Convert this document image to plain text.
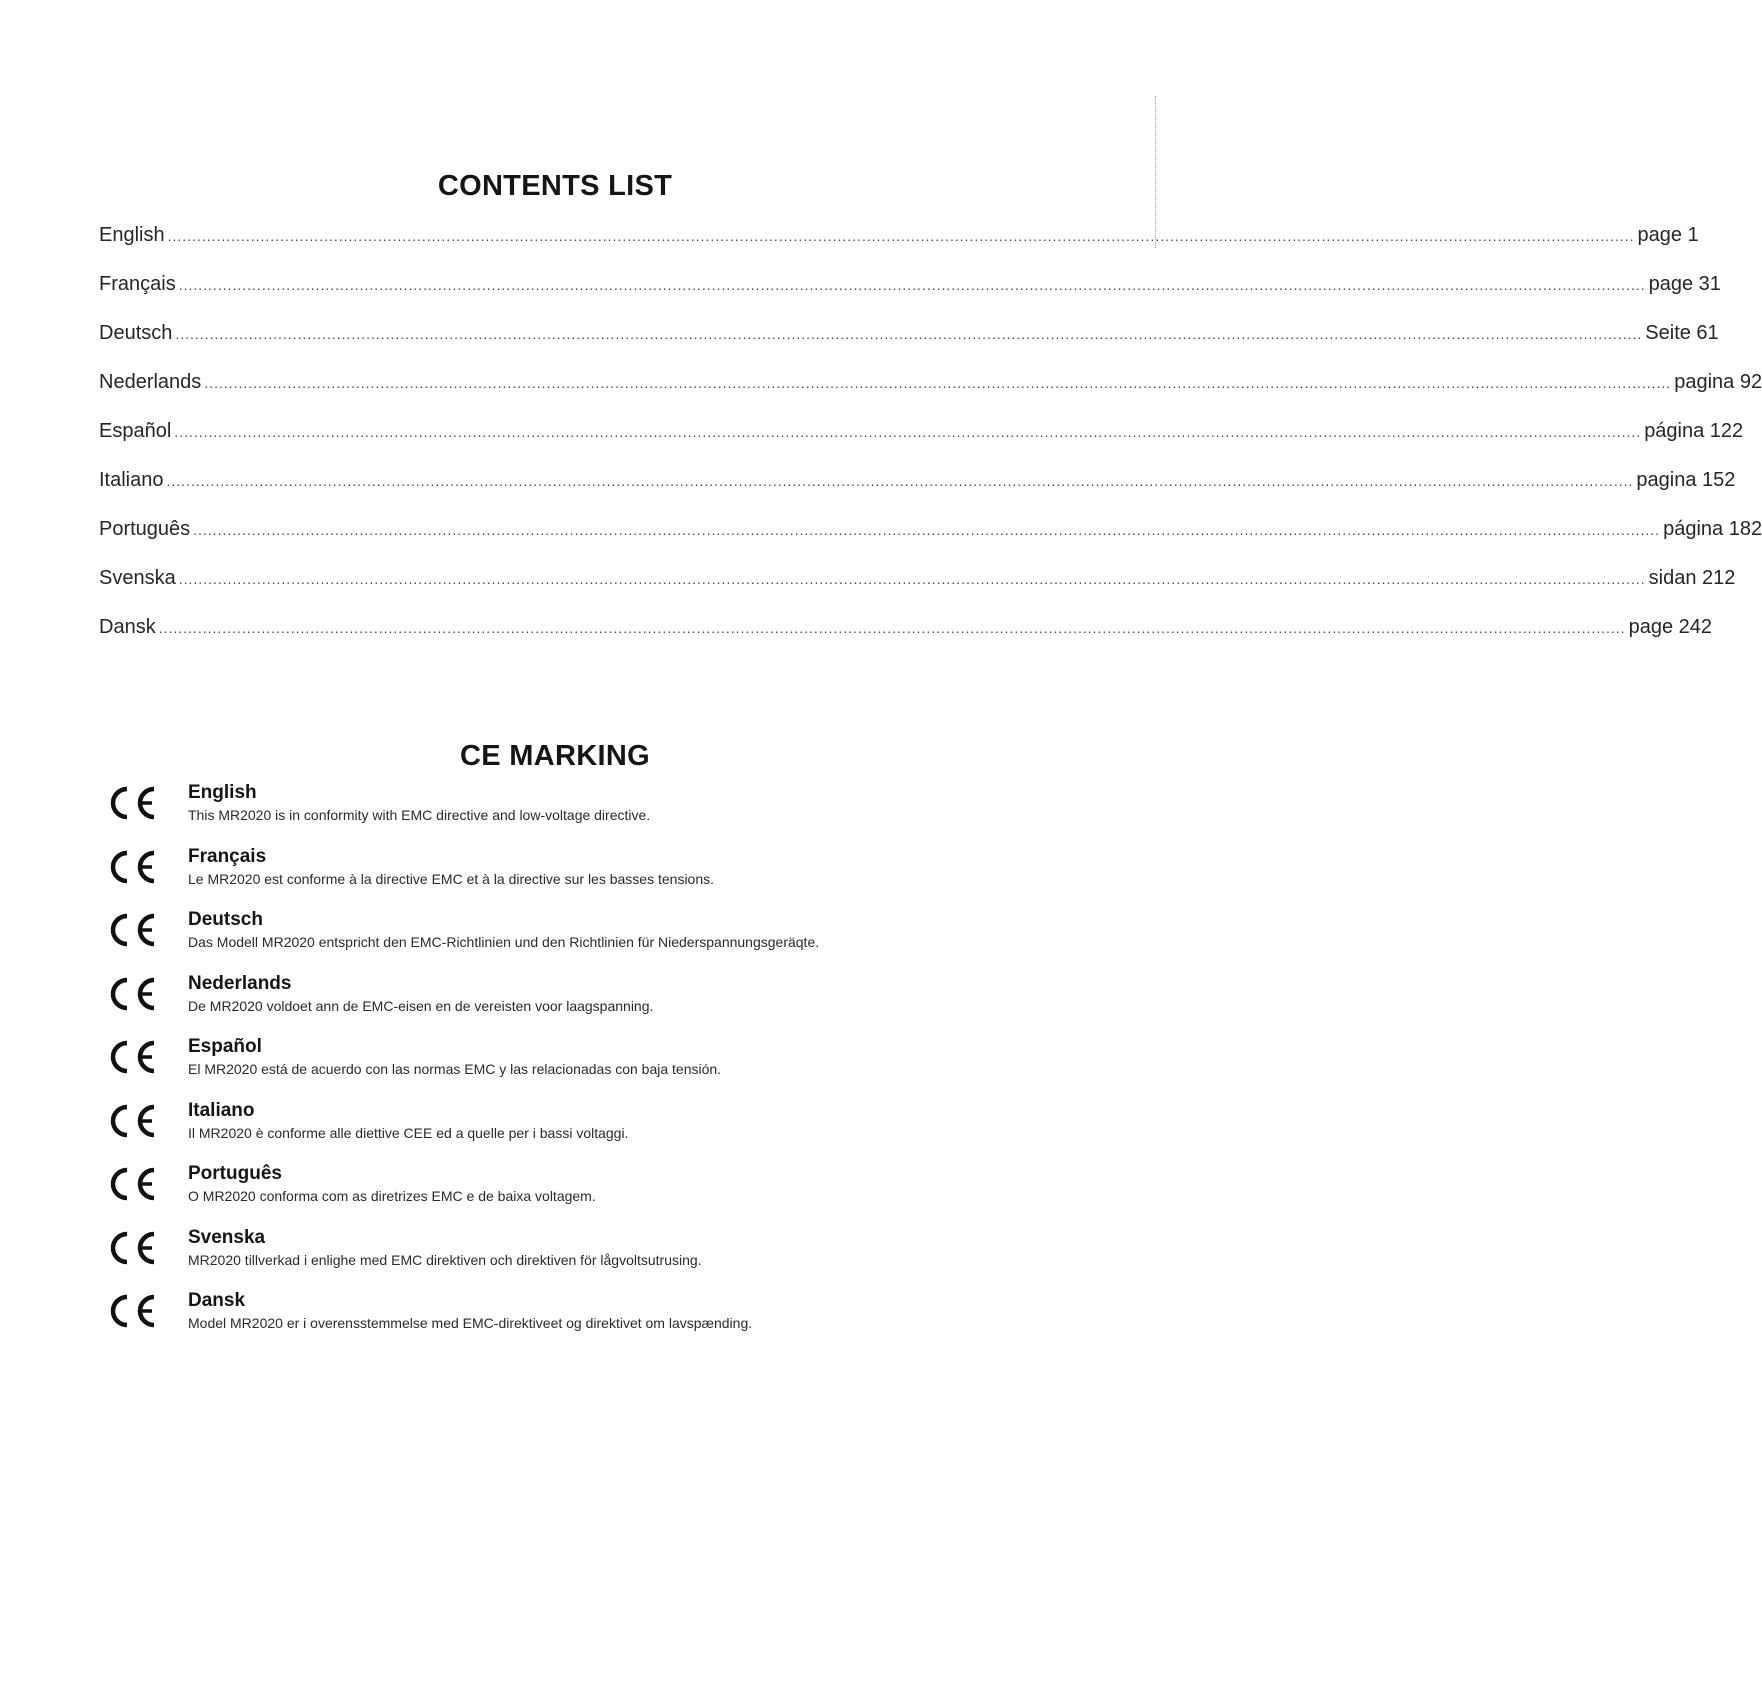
CONTENTS LIST
English ............................................................................................................................................................................................................................................................................................................ page 1
Français ............................................................................................................................................................................................................................................................................................................ page 31
Deutsch ............................................................................................................................................................................................................................................................................................................ Seite 61
Nederlands ............................................................................................................................................................................................................................................................................................................ pagina 92
Español ............................................................................................................................................................................................................................................................................................................ página 122
Italiano ............................................................................................................................................................................................................................................................................................................ pagina 152
Português ............................................................................................................................................................................................................................................................................................................ página 182
Svenska ............................................................................................................................................................................................................................................................................................................ sidan 212
Dansk ............................................................................................................................................................................................................................................................................................................ page 242
CE MARKING
English
This MR2020 is in conformity with EMC directive and low-voltage directive.
Français
Le MR2020 est conforme à la directive EMC et à la directive sur les basses tensions.
Deutsch
Das Modell MR2020 entspricht den EMC-Richtlinien und den Richtlinien für Niederspannungsgeräqte.
Nederlands
De MR2020 voldoet ann de EMC-eisen en de vereisten voor laagspanning.
Español
El MR2020 está de acuerdo con las normas EMC y las relacionadas con baja tensión.
Italiano
Il MR2020 è conforme alle diettive CEE ed a quelle per i bassi voltaggi.
Português
O MR2020 conforma com as diretrizes EMC e de baixa voltagem.
Svenska
MR2020 tillverkad i enlighe med EMC direktiven och direktiven för lågvoltsutrusing.
Dansk
Model MR2020 er i overensstemmelse med EMC-direktiveet og direktivet om lavspænding.
